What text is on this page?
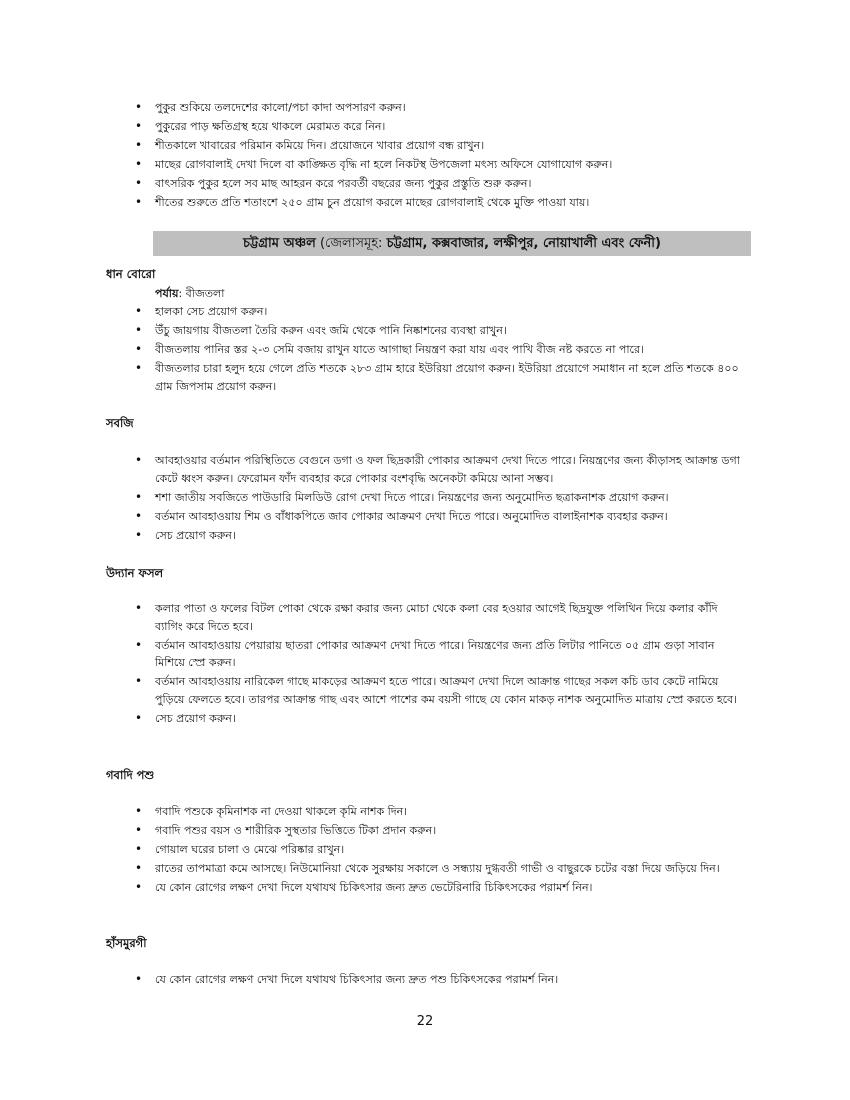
• পুকুর শুকিয়ে তলদেশের কালো/পচা কাদা অপসারণ করুন।
• পুকুরের পাড় ক্ষতিগ্রস্থ হয়ে থাকলে মেরামত করে নিন।
• শীতকালে খাবারের পরিমান কমিয়ে দিন। প্রয়োজনে খাবার প্রয়োগ বন্ধ রাখুন।
• মাছের রোগবালাই দেখা দিলে বা কাঙ্ক্ষিত বৃদ্ধি না হলে নিকটস্থ উপজেলা মৎস্য অফিসে যোগাযোগ করুন।
• বাৎসরিক পুকুর হলে সব মাছ আহরন করে পরবর্তী বছরের জন্য পুকুর প্রস্তুতি শুরু করুন।
• শীতের শুরুতে প্রতি শতাংশে ২৫০ গ্রাম চুন প্রয়োগ করলে মাছের রোগবালাই থেকে মুক্তি পাওয়া যায়।
চট্টগ্রাম অঞ্চল (জেলাসমূহ: চট্টগ্রাম, কক্সবাজার, লক্ষীপুর, নোয়াখালী এবং ফেনী)
ধান বোরো
পর্যায়: বীজতলা
• হালকা সেচ প্রয়োগ করুন।
• উঁচু জায়গায় বীজতলা তৈরি করুন এবং জমি থেকে পানি নিষ্কাশনের ব্যবস্থা রাখুন।
• বীজতলায় পানির স্তর ২-৩ সেমি বজায় রাখুন যাতে আগাছা নিয়ন্ত্রণ করা যায় এবং পাখি বীজ নষ্ট করতে না পারে।
• বীজতলার চারা হলুদ হয়ে গেলে প্রতি শতকে ২৮৩ গ্রাম হারে ইউরিয়া প্রয়োগ করুন। ইউরিয়া প্রয়োগে সমাধান না হলে প্রতি শতকে ৪০০ গ্রাম জিপসাম প্রয়োগ করুন।
সবজি
• আবহাওয়ার বর্তমান পরিস্থিতিতে বেগুনে ডগা ও ফল ছিদ্রকারী পোকার আক্রমণ দেখা দিতে পারে। নিয়ন্ত্রণের জন্য কীড়াসহ আক্রান্ত ডগা কেটে ধ্বংস করুন। ফেরোমন ফাঁদ ব্যবহার করে পোকার বংশবৃদ্ধি অনেকটা কমিয়ে আনা সম্ভব।
• শশা জাতীয় সবজিতে পাউডারি মিলডিউ রোগ দেখা দিতে পারে। নিয়ন্ত্রণের জন্য অনুমোদিত ছত্রাকনাশক প্রয়োগ করুন।
• বর্তমান আবহাওয়ায় শিম ও বাঁধাকপিতে জাব পোকার আক্রমণ দেখা দিতে পারে। অনুমোদিত বালাইনাশক ব্যবহার করুন।
• সেচ প্রয়োগ করুন।
উদ্যান ফসল
• কলার পাতা ও ফলের বিটল পোকা থেকে রক্ষা করার জন্য মোচা থেকে কলা বের হওয়ার আগেই ছিদ্রযুক্ত পলিথিন দিয়ে কলার কাঁদি ব্যাগিং করে দিতে হবে।
• বর্তমান আবহাওয়ায় পেয়ারায় ছাতরা পোকার আক্রমণ দেখা দিতে পারে। নিয়ন্ত্রণের জন্য প্রতি লিটার পানিতে ০৫ গ্রাম গুড়া সাবান মিশিয়ে স্প্রে করুন।
• বর্তমান আবহাওয়ায় নারিকেল গাছে মাকড়ের আক্রমণ হতে পারে। আক্রমণ দেখা দিলে আক্রান্ত গাছের সকল কচি ডাব কেটে নামিয়ে পুড়িয়ে ফেলতে হবে। তারপর আক্রান্ত গাছ এবং আশে পাশের কম বয়সী গাছে যে কোন মাকড় নাশক অনুমোদিত মাত্রায় স্প্রে করতে হবে।
• সেচ প্রয়োগ করুন।
গবাদি পশু
• গবাদি পশুকে কৃমিনাশক না দেওয়া থাকলে কৃমি নাশক দিন।
• গবাদি পশুর বয়স ও শারীরিক সুস্থতার ভিত্তিতে টিকা প্রদান করুন।
• গোয়াল ঘরের চালা ও মেঝে পরিষ্কার রাখুন।
• রাতের তাপমাত্রা কমে আসছে। নিউমোনিয়া থেকে সুরক্ষায় সকালে ও সন্ধ্যায় দুগ্ধবতী গাভী ও বাছুরকে চটের বস্তা দিয়ে জড়িয়ে দিন।
• যে কোন রোগের লক্ষণ দেখা দিলে যথাযথ চিকিৎসার জন্য দ্রুত ভেটেরিনারি চিকিৎসকের পরামর্শ নিন।
হাঁসমুরগী
• যে কোন রোগের লক্ষণ দেখা দিলে যথাযথ চিকিৎসার জন্য দ্রুত পশু চিকিৎসকের পরামর্শ নিন।
22
